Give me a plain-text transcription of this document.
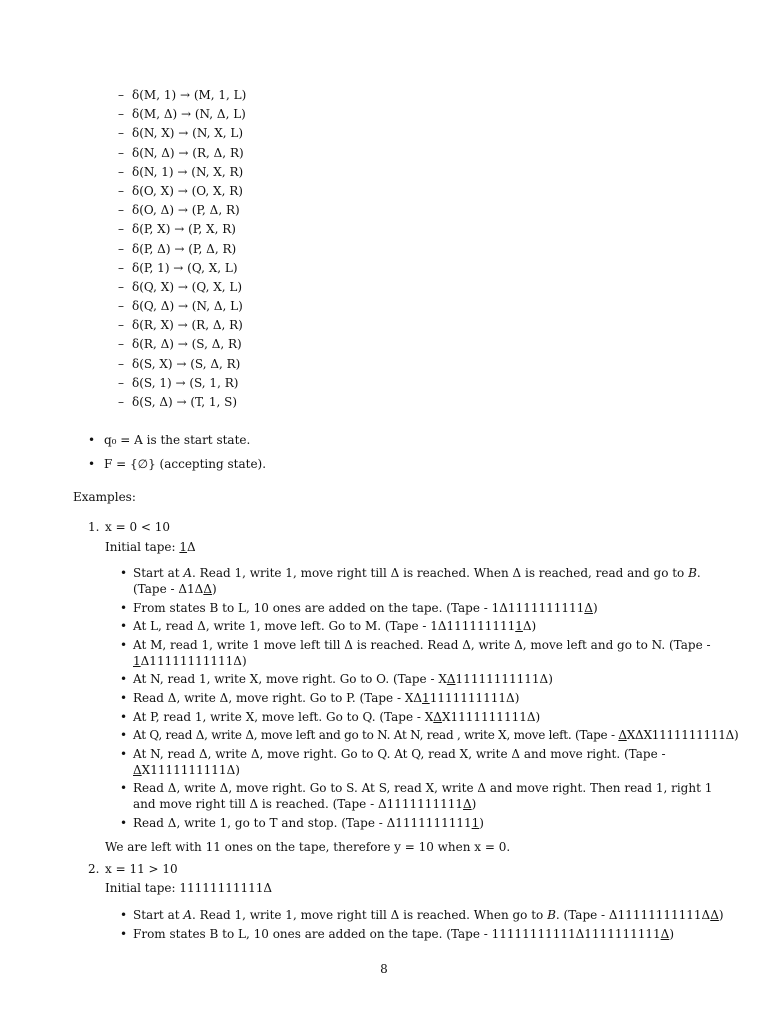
– δ(M, 1) → (M, 1, L)
– δ(M, Δ) → (N, Δ, L)
– δ(N, X) → (N, X, L)
– δ(N, Δ) → (R, Δ, R)
– δ(N, 1) → (N, X, R)
– δ(O, X) → (O, X, R)
– δ(O, Δ) → (P, Δ, R)
– δ(P, X) → (P, X, R)
– δ(P, Δ) → (P, Δ, R)
– δ(P, 1) → (Q, X, L)
– δ(Q, X) → (Q, X, L)
– δ(Q, Δ) → (N, Δ, L)
– δ(R, X) → (R, Δ, R)
– δ(R, Δ) → (S, Δ, R)
– δ(S, X) → (S, Δ, R)
– δ(S, 1) → (S, 1, R)
– δ(S, Δ) → (T, 1, S)
• q₀ = A is the start state.
• F = {∅} (accepting state).
Examples:
1. x = 0 < 10
Initial tape: 1Δ
• Start at A. Read 1, write 1, move right till Δ is reached. When Δ is reached, read and go to B. (Tape - Δ1ΔΔ)
• From states B to L, 10 ones are added on the tape. (Tape - 1Δ1111111111Δ)
• At L, read Δ, write 1, move left. Go to M. (Tape - 1Δ1111111111Δ)
• At M, read 1, write 1 move left till Δ is reached. Read Δ, write Δ, move left and go to N. (Tape - 1Δ11111111111Δ)
• At N, read 1, write X, move right. Go to O. (Tape - XΔ11111111111Δ)
• Read Δ, write Δ, move right. Go to P. (Tape - XΔ11111111111Δ)
• At P, read 1, write X, move left. Go to Q. (Tape - XΔX1111111111Δ)
• At Q, read Δ, write Δ, move left and go to N. At N, read , write X, move left. (Tape - ΔXΔX1111111111Δ)
• At N, read Δ, write Δ, move right. Go to Q. At Q, read X, write Δ and move right. (Tape - ΔX1111111111Δ)
• Read Δ, write Δ, move right. Go to S. At S, read X, write Δ and move right. Then read 1, right 1 and move right till Δ is reached. (Tape - Δ1111111111Δ)
• Read Δ, write 1, go to T and stop. (Tape - Δ11111111111)
We are left with 11 ones on the tape, therefore y = 10 when x = 0.
2. x = 11 > 10
Initial tape: 11111111111Δ
• Start at A. Read 1, write 1, move right till Δ is reached. When go to B. (Tape - Δ11111111111ΔΔ)
• From states B to L, 10 ones are added on the tape. (Tape - 11111111111Δ1111111111Δ)
8
